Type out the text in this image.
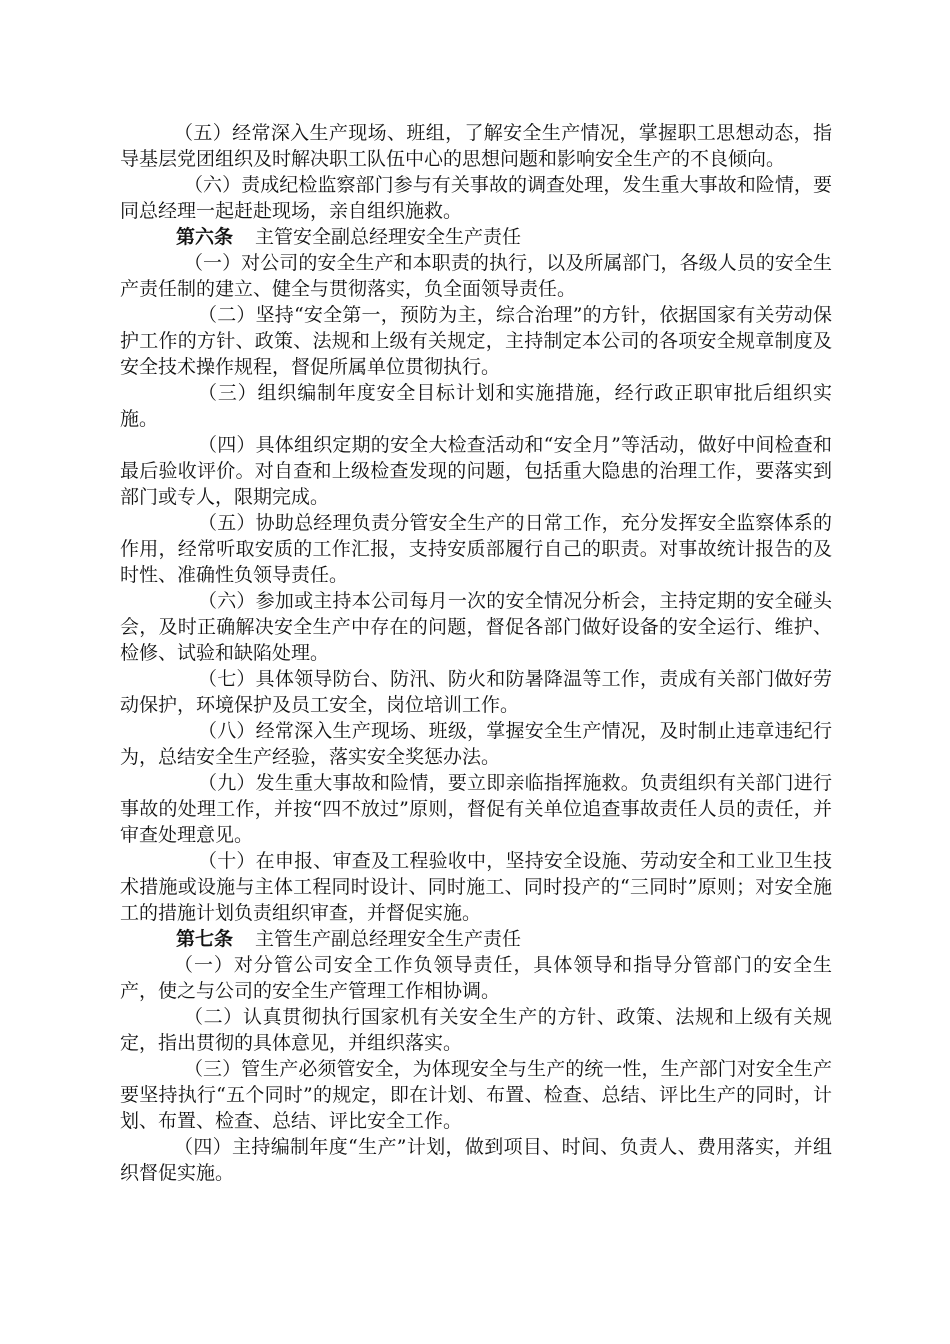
（五）经常深入生产现场、班组，了解安全生产情况，掌握职工思想动态，指导基层党团组织及时解决职工队伍中心的思想问题和影响安全生产的不良倾向。

（六）责成纪检监察部门参与有关事故的调查处理，发生重大事故和险情，要同总经理一起赶赴现场，亲自组织施救。

第六条 主管安全副总经理安全生产责任

（一）对公司的安全生产和本职责的执行，以及所属部门，各级人员的安全生产责任制的建立、健全与贯彻落实，负全面领导责任。

（二）坚持“安全第一，预防为主，综合治理”的方针，依据国家有关劳动保护工作的方针、政策、法规和上级有关规定，主持制定本公司的各项安全规章制度及安全技术操作规程，督促所属单位贯彻执行。

（三）组织编制年度安全目标计划和实施措施，经行政正职审批后组织实施。

（四）具体组织定期的安全大检查活动和“安全月”等活动，做好中间检查和最后验收评价。对自查和上级检查发现的问题，包括重大隐患的治理工作，要落实到部门或专人，限期完成。

（五）协助总经理负责分管安全生产的日常工作，充分发挥安全监察体系的作用，经常听取安质的工作汇报，支持安质部履行自己的职责。对事故统计报告的及时性、准确性负领导责任。

（六）参加或主持本公司每月一次的安全情况分析会，主持定期的安全碰头会，及时正确解决安全生产中存在的问题，督促各部门做好设备的安全运行、维护、检修、试验和缺陷处理。

（七）具体领导防台、防汛、防火和防暑降温等工作，责成有关部门做好劳动保护，环境保护及员工安全，岗位培训工作。

（八）经常深入生产现场、班级，掌握安全生产情况，及时制止违章违纪行为，总结安全生产经验，落实安全奖惩办法。

（九）发生重大事故和险情，要立即亲临指挥施救。负责组织有关部门进行事故的处理工作，并按“四不放过”原则，督促有关单位追查事故责任人员的责任，并审查处理意见。

（十）在申报、审查及工程验收中，坚持安全设施、劳动安全和工业卫生技术措施或设施与主体工程同时设计、同时施工、同时投产的“三同时”原则；对安全施工的措施计划负责组织审查，并督促实施。

第七条 主管生产副总经理安全生产责任

（一）对分管公司安全工作负领导责任，具体领导和指导分管部门的安全生产，使之与公司的安全生产管理工作相协调。

（二）认真贯彻执行国家机有关安全生产的方针、政策、法规和上级有关规定，指出贯彻的具体意见，并组织落实。

（三）管生产必须管安全，为体现安全与生产的统一性，生产部门对安全生产要坚持执行“五个同时”的规定，即在计划、布置、检查、总结、评比生产的同时，计划、布置、检查、总结、评比安全工作。

（四）主持编制年度“生产”计划，做到项目、时间、负责人、费用落实，并组织督促实施。
